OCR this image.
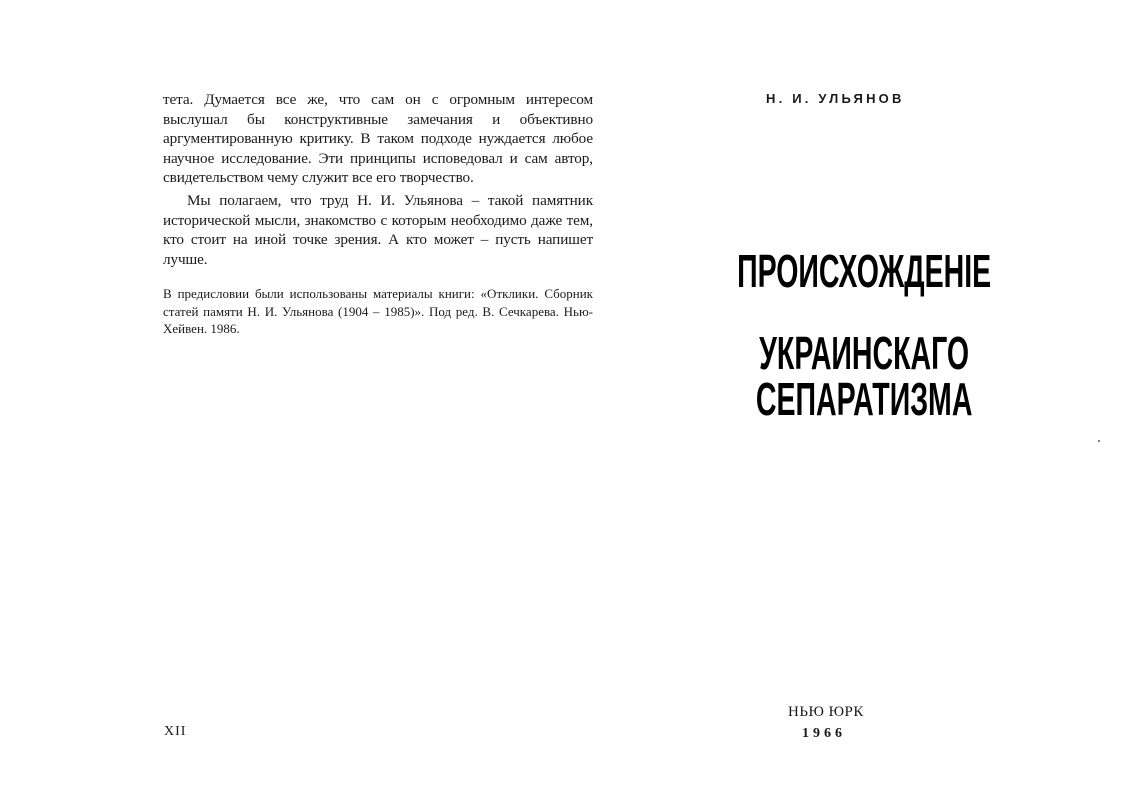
тета. Думается все же, что сам он с огромным интересом выслушал бы конструктивные замечания и объективно аргументированную критику. В таком подходе нуждается любое научное исследование. Эти принципы исповедовал и сам автор, свидетельством чему служит все его творчество.

Мы полагаем, что труд Н. И. Ульянова – такой памятник исторической мысли, знакомство с которым необходимо даже тем, кто стоит на иной точке зрения. А кто может – пусть напишет лучше.

В предисловии были использованы материалы книги: «Отклики. Сборник статей памяти Н. И. Ульянова (1904 – 1985)». Под ред. В. Сечкарева. Нью-Хейвен. 1986.
XII
Н. И. УЛЬЯНОВ
ПРОИСХОЖДЕНІЕ
УКРАИНСКАГО СЕПАРАТИЗМА
НЬЮ ЮРК
1966
